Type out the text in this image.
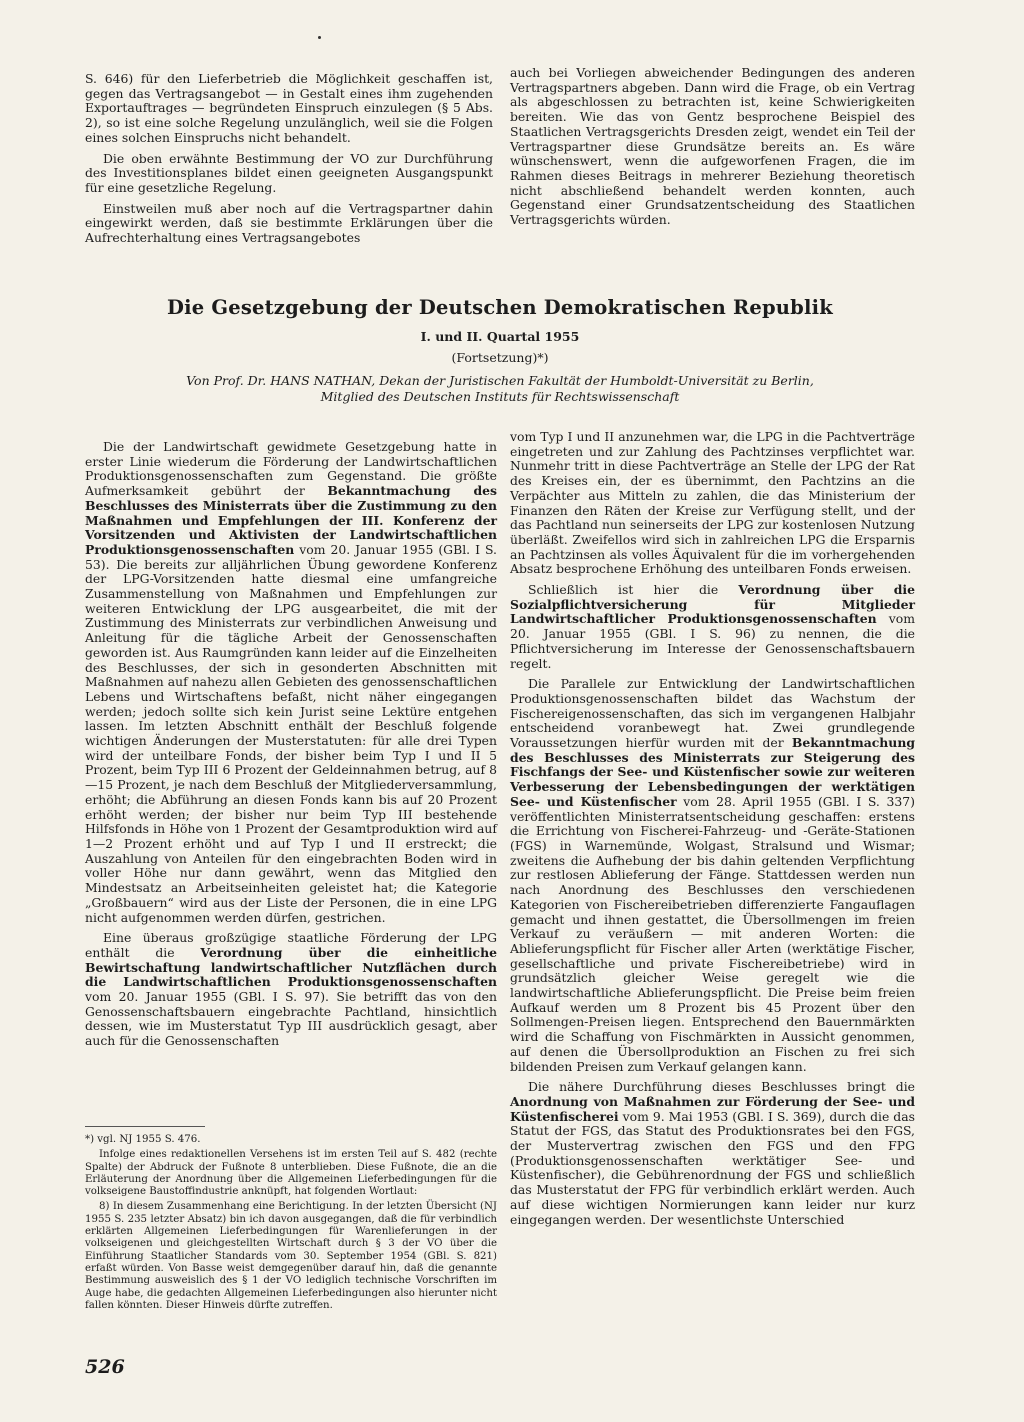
S. 646) für den Lieferbetrieb die Möglichkeit geschaffen ist, gegen das Vertragsangebot — in Gestalt eines ihm zugehenden Exportauftrages — begründeten Einspruch einzulegen (§ 5 Abs. 2), so ist eine solche Regelung unzulänglich, weil sie die Folgen eines solchen Einspruchs nicht behandelt.

Die oben erwähnte Bestimmung der VO zur Durchführung des Investitionsplanes bildet einen geeigneten Ausgangspunkt für eine gesetzliche Regelung.

Einstweilen muß aber noch auf die Vertragspartner dahin eingewirkt werden, daß sie bestimmte Erklärungen über die Aufrechterhaltung eines Vertragsangebotes

auch bei Vorliegen abweichender Bedingungen des anderen Vertragspartners abgeben. Dann wird die Frage, ob ein Vertrag als abgeschlossen zu betrachten ist, keine Schwierigkeiten bereiten. Wie das von Gentz besprochene Beispiel des Staatlichen Vertragsgerichts Dresden zeigt, wendet ein Teil der Vertragspartner diese Grundsätze bereits an. Es wäre wünschenswert, wenn die aufgeworfenen Fragen, die im Rahmen dieses Beitrags in mehrerer Beziehung theoretisch nicht abschließend behandelt werden konnten, auch Gegenstand einer Grundsatzentscheidung des Staatlichen Vertragsgerichts würden.

Die Gesetzgebung der Deutschen Demokratischen Republik
I. und II. Quartal 1955
(Fortsetzung)*)
Von Prof. Dr. HANS NATHAN, Dekan der Juristischen Fakultät der Humboldt-Universität zu Berlin,
Mitglied des Deutschen Instituts für Rechtswissenschaft

Die der Landwirtschaft gewidmete Gesetzgebung hatte in erster Linie wiederum die Förderung der Landwirtschaftlichen Produktionsgenossenschaften zum Gegenstand. Die größte Aufmerksamkeit gebührt der Bekanntmachung des Beschlusses des Ministerrats über die Zustimmung zu den Maßnahmen und Empfehlungen der III. Konferenz der Vorsitzenden und Aktivisten der Landwirtschaftlichen Produktionsgenossenschaften vom 20. Januar 1955 (GBl. I S. 53). Die bereits zur alljährlichen Übung gewordene Konferenz der LPG-Vorsitzenden hatte diesmal eine umfangreiche Zusammenstellung von Maßnahmen und Empfehlungen zur weiteren Entwicklung der LPG ausgearbeitet, die mit der Zustimmung des Ministerrats zur verbindlichen Anweisung und Anleitung für die tägliche Arbeit der Genossenschaften geworden ist. Aus Raumgründen kann leider auf die Einzelheiten des Beschlusses, der sich in gesonderten Abschnitten mit Maßnahmen auf nahezu allen Gebieten des genossenschaftlichen Lebens und Wirtschaftens befaßt, nicht näher eingegangen werden; jedoch sollte sich kein Jurist seine Lektüre entgehen lassen. Im letzten Abschnitt enthält der Beschluß folgende wichtigen Änderungen der Musterstatuten: für alle drei Typen wird der unteilbare Fonds, der bisher beim Typ I und II 5 Prozent, beim Typ III 6 Prozent der Geldeinnahmen betrug, auf 8—15 Prozent, je nach dem Beschluß der Mitgliederversammlung, erhöht; die Abführung an diesen Fonds kann bis auf 20 Prozent erhöht werden; der bisher nur beim Typ III bestehende Hilfsfonds in Höhe von 1 Prozent der Gesamtproduktion wird auf 1—2 Prozent erhöht und auf Typ I und II erstreckt; die Auszahlung von Anteilen für den eingebrachten Boden wird in voller Höhe nur dann gewährt, wenn das Mitglied den Mindestsatz an Arbeitseinheiten geleistet hat; die Kategorie „Großbauern“ wird aus der Liste der Personen, die in eine LPG nicht aufgenommen werden dürfen, gestrichen.

Eine überaus großzügige staatliche Förderung der LPG enthält die Verordnung über die einheitliche Bewirtschaftung landwirtschaftlicher Nutzflächen durch die Landwirtschaftlichen Produktionsgenossenschaften vom 20. Januar 1955 (GBl. I S. 97). Sie betrifft das von den Genossenschaftsbauern eingebrachte Pachtland, hinsichtlich dessen, wie im Musterstatut Typ III ausdrücklich gesagt, aber auch für die Genossenschaften

vom Typ I und II anzunehmen war, die LPG in die Pachtverträge eingetreten und zur Zahlung des Pachtzinses verpflichtet war. Nunmehr tritt in diese Pachtverträge an Stelle der LPG der Rat des Kreises ein, der es übernimmt, den Pachtzins an die Verpächter aus Mitteln zu zahlen, die das Ministerium der Finanzen den Räten der Kreise zur Verfügung stellt, und der das Pachtland nun seinerseits der LPG zur kostenlosen Nutzung überläßt. Zweifellos wird sich in zahlreichen LPG die Ersparnis an Pachtzinsen als volles Äquivalent für die im vorhergehenden Absatz besprochene Erhöhung des unteilbaren Fonds erweisen.

Schließlich ist hier die Verordnung über die Sozialpflichtversicherung für Mitglieder Landwirtschaftlicher Produktionsgenossenschaften vom 20. Januar 1955 (GBl. I S. 96) zu nennen, die die Pflichtversicherung im Interesse der Genossenschaftsbauern regelt.

Die Parallele zur Entwicklung der Landwirtschaftlichen Produktionsgenossenschaften bildet das Wachstum der Fischereigenossenschaften, das sich im vergangenen Halbjahr entscheidend voranbewegt hat. Zwei grundlegende Voraussetzungen hierfür wurden mit der Bekanntmachung des Beschlusses des Ministerrats zur Steigerung des Fischfangs der See- und Küstenfischer sowie zur weiteren Verbesserung der Lebensbedingungen der werktätigen See- und Küstenfischer vom 28. April 1955 (GBl. I S. 337) veröffentlichten Ministerratsentscheidung geschaffen: erstens die Errichtung von Fischerei-Fahrzeug- und -Geräte-Stationen (FGS) in Warnemünde, Wolgast, Stralsund und Wismar; zweitens die Aufhebung der bis dahin geltenden Verpflichtung zur restlosen Ablieferung der Fänge. Stattdessen werden nun nach Anordnung des Beschlusses den verschiedenen Kategorien von Fischereibetrieben differenzierte Fangauflagen gemacht und ihnen gestattet, die Übersollmengen im freien Verkauf zu veräußern — mit anderen Worten: die Ablieferungspflicht für Fischer aller Arten (werktätige Fischer, gesellschaftliche und private Fischereibetriebe) wird in grundsätzlich gleicher Weise geregelt wie die landwirtschaftliche Ablieferungspflicht. Die Preise beim freien Aufkauf werden um 8 Prozent bis 45 Prozent über den Sollmengen-Preisen liegen. Entsprechend den Bauernmärkten wird die Schaffung von Fischmärkten in Aussicht genommen, auf denen die Übersollproduktion an Fischen zu frei sich bildenden Preisen zum Verkauf gelangen kann.

Die nähere Durchführung dieses Beschlusses bringt die Anordnung von Maßnahmen zur Förderung der See- und Küstenfischerei vom 9. Mai 1953 (GBl. I S. 369), durch die das Statut der FGS, das Statut des Produktionsrates bei den FGS, der Mustervertrag zwischen den FGS und den FPG (Produktionsgenossenschaften werktätiger See- und Küstenfischer), die Gebührenordnung der FGS und schließlich das Musterstatut der FPG für verbindlich erklärt werden. Auch auf diese wichtigen Normierungen kann leider nur kurz eingegangen werden. Der wesentlichste Unterschied

*) vgl. NJ 1955 S. 476.

Infolge eines redaktionellen Versehens ist im ersten Teil auf S. 482 (rechte Spalte) der Abdruck der Fußnote 8 unterblieben. Diese Fußnote, die an die Erläuterung der Anordnung über die Allgemeinen Lieferbedingungen für die volkseigene Baustoffindustrie anknüpft, hat folgenden Wortlaut:

8) In diesem Zusammenhang eine Berichtigung. In der letzten Übersicht (NJ 1955 S. 235 letzter Absatz) bin ich davon ausgegangen, daß die für verbindlich erklärten Allgemeinen Lieferbedingungen für Warenlieferungen in der volkseigenen und gleichgestellten Wirtschaft durch § 3 der VO über die Einführung Staatlicher Standards vom 30. September 1954 (GBl. S. 821) erfaßt würden. Von Basse weist demgegenüber darauf hin, daß die genannte Bestimmung ausweislich des § 1 der VO lediglich technische Vorschriften im Auge habe, die gedachten Allgemeinen Lieferbedingungen also hierunter nicht fallen könnten. Dieser Hinweis dürfte zutreffen.

526
